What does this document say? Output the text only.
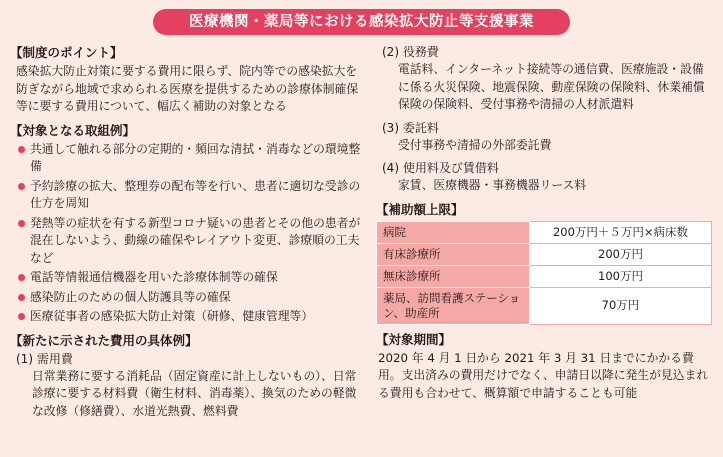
医療機関・薬局等における感染拡大防止等支援事業
【制度のポイント】
感染拡大防止対策に要する費用に限らず、院内等での感染拡大を防ぎながら地域で求められる医療を提供するための診療体制確保等に要する費用について、幅広く補助の対象となる
【対象となる取組例】
共通して触れる部分の定期的・頻回な清拭・消毒などの環境整備
予約診療の拡大、整理券の配布等を行い、患者に適切な受診の仕方を周知
発熱等の症状を有する新型コロナ疑いの患者とその他の患者が混在しないよう、動線の確保やレイアウト変更、診療順の工夫など
電話等情報通信機器を用いた診療体制等の確保
感染防止のための個人防護具等の確保
医療従事者の感染拡大防止対策（研修、健康管理等）
【新たに示された費用の具体例】
(1) 需用費
日常業務に要する消耗品（固定資産に計上しないもの）、日常診療に要する材料費（衛生材料、消毒薬）、換気のための軽微な改修（修繕費）、水道光熱費、燃料費
(2) 役務費
電話料、インターネット接続等の通信費、医療施設・設備に係る火災保険、地震保険、動産保険の保険料、休業補償保険の保険料、受付事務や清掃の人材派遣料
(3) 委託料
受付事務や清掃の外部委託費
(4) 使用料及び賃借料
家賃、医療機器・事務機器リース料
【補助額上限】
病院	200万円＋５万円×病床数
有床診療所	200万円
無床診療所	100万円
薬局、訪問看護ステーション、助産所	70万円
【対象期間】
2020 年 4 月 1 日から 2021 年 3 月 31 日までにかかる費用。支出済みの費用だけでなく、申請日以降に発生が見込まれる費用も合わせて、概算額で申請することも可能
